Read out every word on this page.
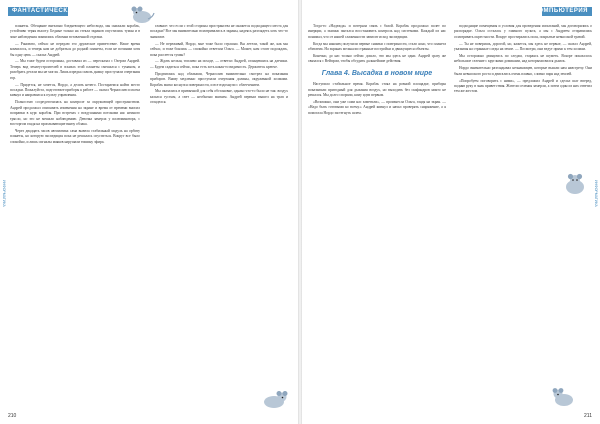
ФАНТАСТИЧЕСКАЯ ПОВЕСТЬ

планеты. Обещание внезапно бледнеющего небосвода, мы снижали корабль, устойчиво теряя высоту. Бедные только на стекла экранов опустились туман и в зоне наблюдения появились обломки вставленной отделки.

— Рановато, сейчас не передаю это дружеское приветствие. Наше время кончилось, и теперь нам не добраться до родной планеты, если не починим хотя бы одну цепь — сказал Андрей.

— Мы тоже будем осторожны, доставлял из — пересказал с Озером Андрей. Теперь вид землеустроителей в эскизах этой планеты смешался с туманом, и разобрать детали мы не могли. Лишь изредка сквозь дымку проступали очертания гор.

— Придется, не хочется, Нордо, а делать нечего. Постараемся найти место посадки. Пожалуйста, подготовьте приборы к работе — сказал Чернослив и молча кивнул и направился к пульту управления.

Полностью сосредоточилась на контроле за окружающей пространством. Андрей продолжал описывать изменения на экране и время от времени вносил поправки в курс корабля. При встречах с воздушными потоками нас немного трясло, но это не мешало наблюдению. Девочка замерла у иллюминатора, с восторгом глядя на проплывающие внизу облака.

Через двадцать часов автоматика сама вывела стабильный модуль на орбиту планеты, но которую экспедиция пока не решалась спуститься. Вокруг все было спокойно, и лишь сигналы маяков нарушали тишину эфира.

главное: что если с этой стороны пространства не окажется подходящего места для посадки? Все мы внимательно всматривались в экраны, надеясь разглядеть хоть что-то знакомое.

— Не переживай, Нордо, мне тоже было страшно. Вы летели, такой же, как мы сейчас, и тоже боялись — спокойно ответила Ольга. — Может, нам стоит подождать, пока рассеется туман?

— Ждать нельзя, топливо на исходе, — ответил Андрей, оглянувшись на датчики. — Будем садиться сейчас, пока есть хоть какая-то видимость. Держитесь крепче.

Продвигаясь над облаками, Чернослив внимательно смотрел на показания приборов. Внизу медленно проступали очертания долины, окруженной холмами. Корабль мягко коснулся поверхности, и все вздохнули с облегчением.

Мы оказались в привычной для себя обстановке, однако что-то было не так: воздух казался густым, а свет — необычно мягким. Андрей первым вышел на трап и огляделся.

ИНФОРМАТИКА
210
КОМПЬЮТЕРИЯ

Тогда-то «Надежда» и потеряла связь с базой. Корабль продолжал полет по инерции, а экипаж пытался восстановить контроль над системами. Каждый из нас понимал, что от нашей слаженности зависит исход экспедиции.

Когда мы наконец получили первые снимки с поверхности, стало ясно, что планета обитаема. На экранах мелькали странные постройки и движущиеся объекты.

Конечно, до нас только сейчас дошло, что мы здесь не одни. Андрей сразу же связался с Вейпром, чтобы обсудить дальнейшие действия.

Глава 4. Высадка в новом мире

Наступило стабильное время. Корабль стоял на ровной площадке, приборы показывали пригодный для дыхания воздух, но выходить без скафандров никто не решался. Мы долго спорили, кому идти первым.

«Возможно, они уже сами нас заметили», — произнесла Ольга, глядя на экран. — «Надо быть готовыми ко всему.» Андрей кивнул и начал проверять снаряжение, а я помогала Нордо застегнуть шлем.

подходящие помещения и условия для проведения испытаний, мы договорились о распорядке. Ольга осталась у главного пульта, а мы с Андреем отправились осматривать окрестности. Вокруг простирались поля, покрытые невысокой травой.

— Ты не поверишь, дорогой, но, кажется, мы здесь не первые, — сказал Андрей, указывая на странные следы на земле. — Посмотри, они ведут прямо к тем холмам.

Мы осторожно двинулись по следам, стараясь не шуметь. Вскоре показалось небольшое селение с круглыми домиками, над которыми вился дымок.

Нордо внимательно разглядывал незнакомцев, которые вышли нам навстречу. Они были невысокого роста и двигались очень плавно, словно паря над землей.

«Попробуем поговорить с ними», — предложил Андрей и сделал шаг вперед, подняв руку в знак приветствия. Жители селения замерли, а затем один из них ответил тем же жестом.

ИНФОРМАТИКА
211
